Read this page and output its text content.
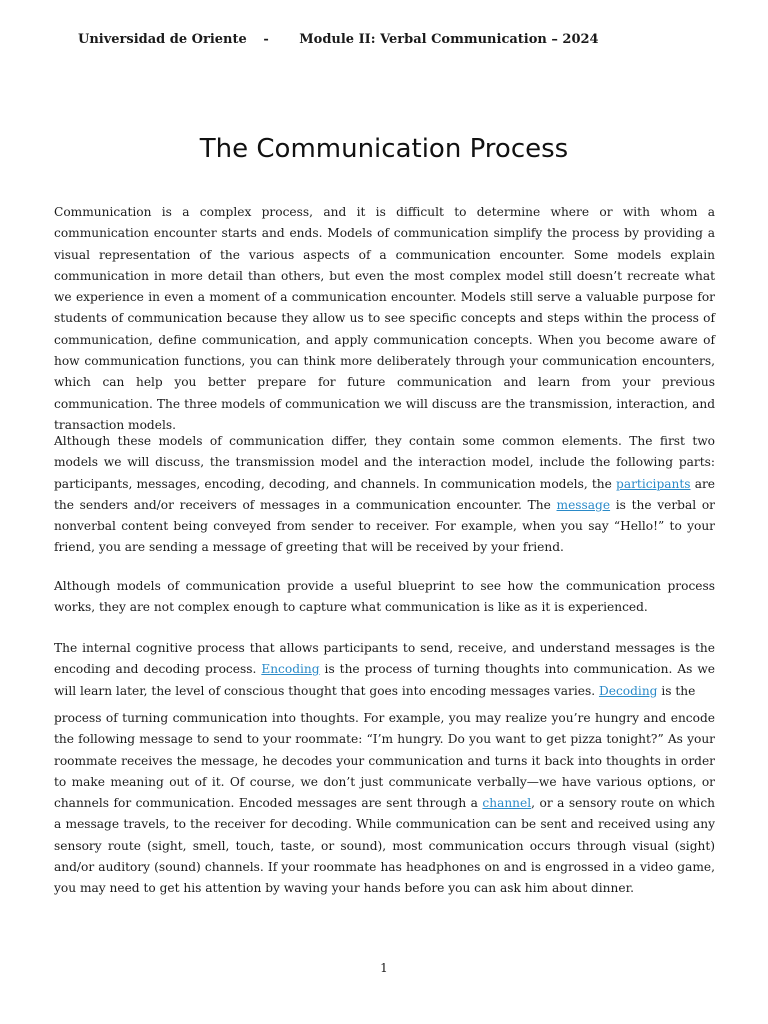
Universidad de Oriente - Module II: Verbal Communication – 2024
The Communication Process

Communication is a complex process, and it is difficult to determine where or with whom a communication encounter starts and ends. Models of communication simplify the process by providing a visual representation of the various aspects of a communication encounter. Some models explain communication in more detail than others, but even the most complex model still doesn’t recreate what we experience in even a moment of a communication encounter. Models still serve a valuable purpose for students of communication because they allow us to see specific concepts and steps within the process of communication, define communication, and apply communication concepts. When you become aware of how communication functions, you can think more deliberately through your communication encounters, which can help you better prepare for future communication and learn from your previous communication. The three models of communication we will discuss are the transmission, interaction, and transaction models.

Although these models of communication differ, they contain some common elements. The first two models we will discuss, the transmission model and the interaction model, include the following parts: participants, messages, encoding, decoding, and channels. In communication models, the participants are the senders and/or receivers of messages in a communication encounter. The message is the verbal or nonverbal content being conveyed from sender to receiver. For example, when you say “Hello!” to your friend, you are sending a message of greeting that will be received by your friend.

Although models of communication provide a useful blueprint to see how the communication process works, they are not complex enough to capture what communication is like as it is experienced.

The internal cognitive process that allows participants to send, receive, and understand messages is the encoding and decoding process. Encoding is the process of turning thoughts into communication. As we will learn later, the level of conscious thought that goes into encoding messages varies. Decoding is the

process of turning communication into thoughts. For example, you may realize you’re hungry and encode the following message to send to your roommate: “I’m hungry. Do you want to get pizza tonight?” As your roommate receives the message, he decodes your communication and turns it back into thoughts in order to make meaning out of it. Of course, we don’t just communicate verbally—we have various options, or channels for communication. Encoded messages are sent through a channel, or a sensory route on which a message travels, to the receiver for decoding. While communication can be sent and received using any sensory route (sight, smell, touch, taste, or sound), most communication occurs through visual (sight) and/or auditory (sound) channels. If your roommate has headphones on and is engrossed in a video game, you may need to get his attention by waving your hands before you can ask him about dinner.

1
